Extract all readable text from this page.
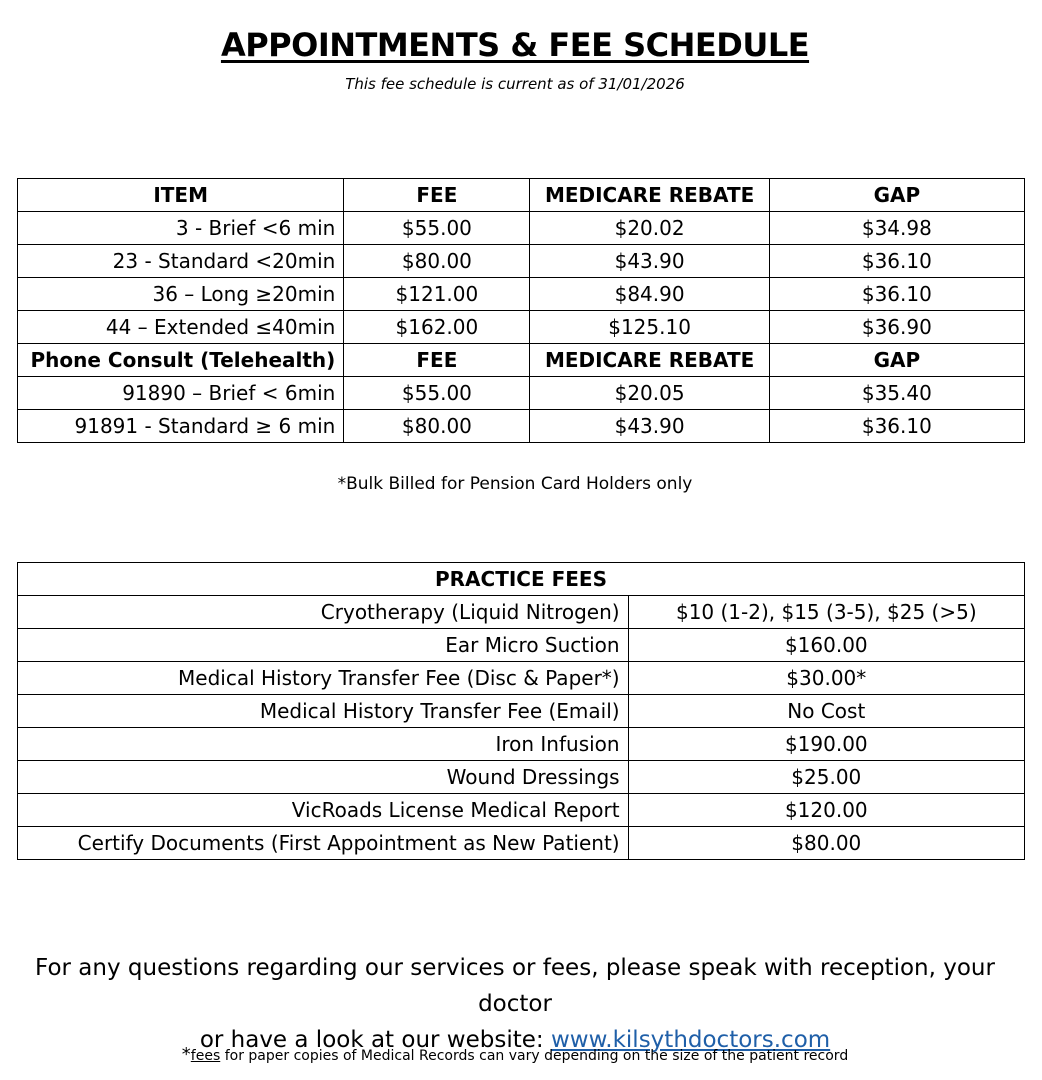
APPOINTMENTS & FEE SCHEDULE
This fee schedule is current as of 31/01/2026
ITEM	FEE	MEDICARE REBATE	GAP
3 - Brief <6 min	$55.00	$20.02	$34.98
23 - Standard <20min	$80.00	$43.90	$36.10
36 – Long ≥20min	$121.00	$84.90	$36.10
44 – Extended ≤40min	$162.00	$125.10	$36.90
Phone Consult (Telehealth)	FEE	MEDICARE REBATE	GAP
91890 – Brief < 6min	$55.00	$20.05	$35.40
91891 - Standard ≥ 6 min	$80.00	$43.90	$36.10
*Bulk Billed for Pension Card Holders only
PRACTICE FEES	
Cryotherapy (Liquid Nitrogen)	$10 (1-2), $15 (3-5), $25 (>5)
Ear Micro Suction	$160.00
Medical History Transfer Fee (Disc & Paper*)	$30.00*
Medical History Transfer Fee (Email)	No Cost
Iron Infusion	$190.00
Wound Dressings	$25.00
VicRoads License Medical Report	$120.00
Certify Documents (First Appointment as New Patient)	$80.00
For any questions regarding our services or fees, please speak with reception, your doctor
or have a look at our website: www.kilsythdoctors.com
*fees for paper copies of Medical Records can vary depending on the size of the patient record
